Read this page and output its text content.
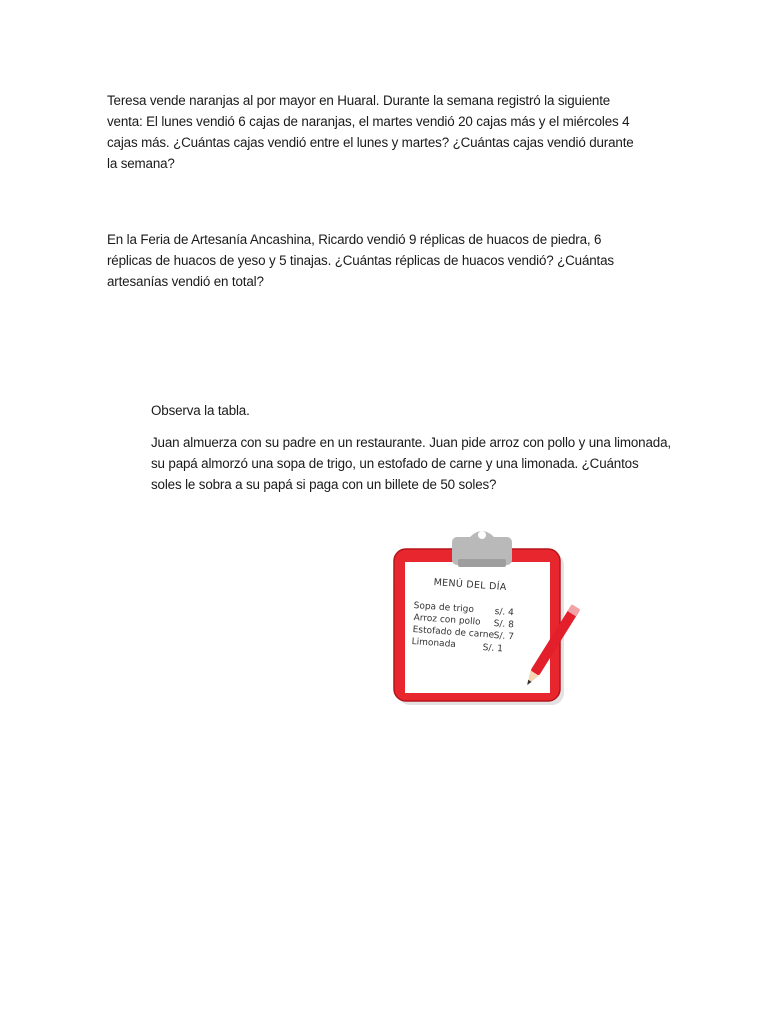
Teresa vende naranjas al por mayor en Huaral. Durante la semana registró la siguiente venta: El lunes vendió 6 cajas de naranjas, el martes vendió 20 cajas más y el miércoles 4 cajas más. ¿Cuántas cajas vendió entre el lunes y martes? ¿Cuántas cajas vendió durante la semana?

En la Feria de Artesanía Ancashina, Ricardo vendió 9 réplicas de huacos de piedra, 6 réplicas de huacos de yeso y 5 tinajas. ¿Cuántas réplicas de huacos vendió? ¿Cuántas artesanías vendió en total?

Observa la tabla.

Juan almuerza con su padre en un restaurante. Juan pide arroz con pollo y una limonada, su papá almorzó una sopa de trigo, un estofado de carne y una limonada. ¿Cuántos soles le sobra a su papá si paga con un billete de 50 soles?

MENÚ DEL DÍA
Sopa de trigo s/. 4
Arroz con pollo S/. 8
Estofado de carne
S/. 7
Limonada	S/. 1
